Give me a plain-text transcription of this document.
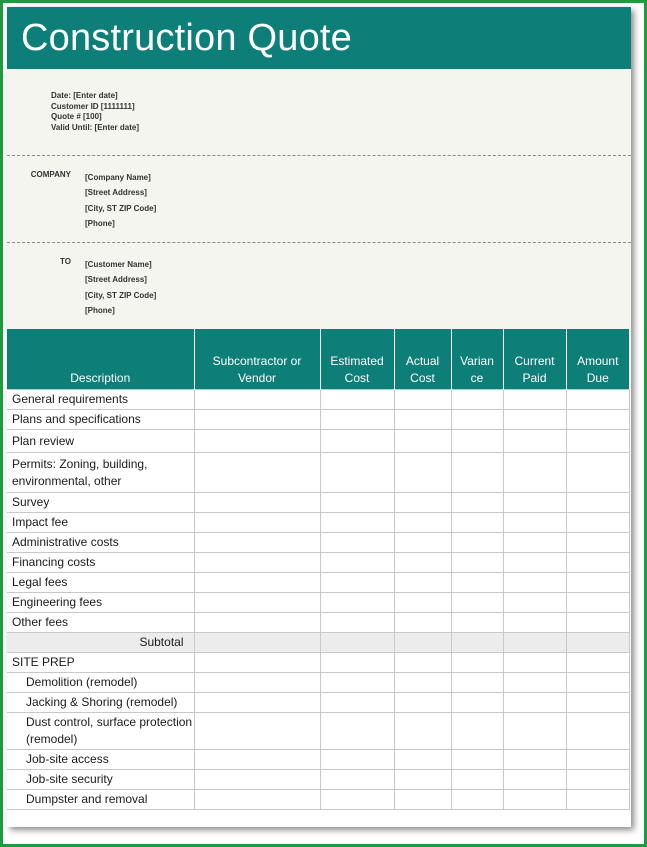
Construction Quote
Date: [Enter date]
Customer ID [1111111]
Quote # [100]
Valid Until: [Enter date]
COMPANY [Company Name]
[Street Address]
[City, ST ZIP Code]
[Phone]
TO [Customer Name]
[Street Address]
[City, ST ZIP Code]
[Phone]
Description	Subcontractor or Vendor	Estimated Cost	Actual Cost	Varian ce	Current Paid	Amount Due
General requirements						
Plans and specifications						
Plan review						
Permits: Zoning, building, environmental, other						
Survey						
Impact fee						
Administrative costs						
Financing costs						
Legal fees						
Engineering fees						
Other fees						
Subtotal						
SITE PREP						
Demolition (remodel)						
Jacking & Shoring (remodel)						
Dust control, surface protection (remodel)						
Job-site access						
Job-site security						
Dumpster and removal						
